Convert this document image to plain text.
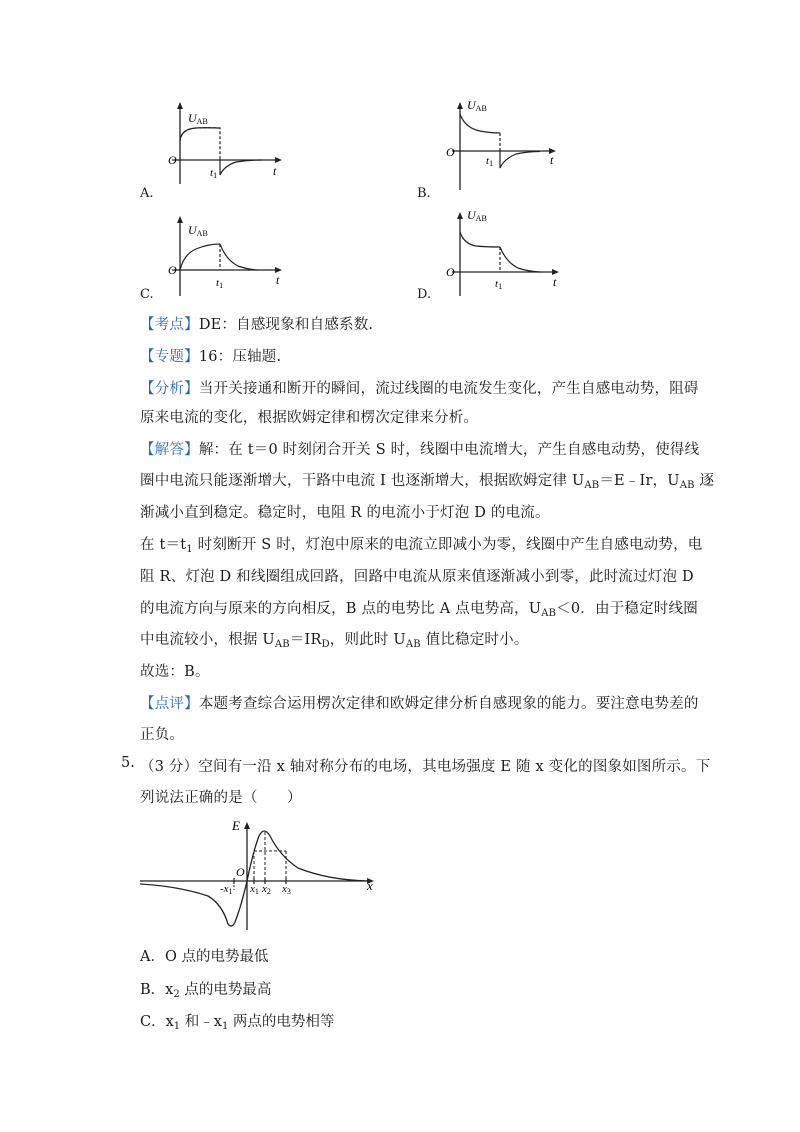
UAB
O
t
t1
A.
UAB
O
t
t1
B.
UAB
O
t
t1
C.
UAB
O
t
t1
D.
【考点】DE：自感现象和自感系数.
【专题】16：压轴题.
【分析】当开关接通和断开的瞬间，流过线圈的电流发生变化，产生自感电动势，阻碍
原来电流的变化，根据欧姆定律和楞次定律来分析。
【解答】解：在 t＝0 时刻闭合开关 S 时，线圈中电流增大，产生自感电动势，使得线
圈中电流只能逐渐增大，干路中电流 I 也逐渐增大，根据欧姆定律 $U_{AB}=E﹣Ir$，$U_{AB}$ 逐
渐减小直到稳定。稳定时，电阻 R 的电流小于灯泡 D 的电流。
在 $t=t_1$ 时刻断开 S 时，灯泡中原来的电流立即减小为零，线圈中产生自感电动势，电
阻 R、灯泡 D 和线圈组成回路，回路中电流从原来值逐渐减小到零，此时流过灯泡 D
的电流方向与原来的方向相反，B 点的电势比 A 点电势高，$U_{AB}<0$．由于稳定时线圈
中电流较小，根据 $U_{AB}=IR_D$，则此时 $U_{AB}$ 值比稳定时小。
故选：B。
【点评】本题考查综合运用楞次定律和欧姆定律分析自感现象的能力。要注意电势差的
正负。
5. （3 分）空间有一沿 x 轴对称分布的电场，其电场强度 E 随 x 变化的图象如图所示。下
列说法正确的是（　　）
E
x
O
-x1 x1 x2 x3
A．O 点的电势最低
B．$x_2$ 点的电势最高
C．$x_1$ 和$﹣x_1$ 两点的电势相等
